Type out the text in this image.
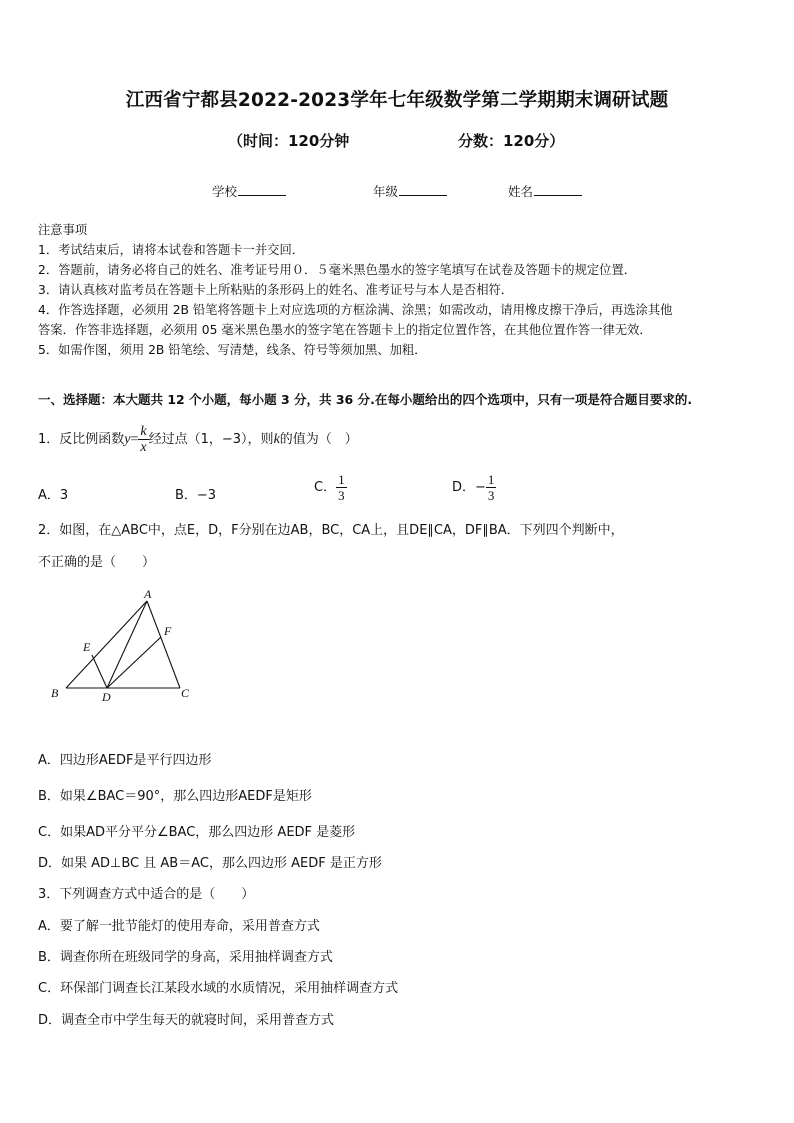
江西省宁都县2022-2023学年七年级数学第二学期期末调研试题
（时间：120分钟	分数：120分）
学校	年级	姓名
注意事项
1．考试结束后，请将本试卷和答题卡一并交回．
2．答题前，请务必将自己的姓名、准考证号用０．５毫米黑色墨水的签字笔填写在试卷及答题卡的规定位置．
3．请认真核对监考员在答题卡上所粘贴的条形码上的姓名、准考证号与本人是否相符．
4．作答选择题，必须用 2B 铅笔将答题卡上对应选项的方框涂满、涂黑；如需改动，请用橡皮擦干净后，再选涂其他
答案．作答非选择题，必须用 05 毫米黑色墨水的签字笔在答题卡上的指定位置作答，在其他位置作答一律无效．
5．如需作图，须用 2B 铅笔绘、写清楚，线条、符号等须加黑、加粗．
一、选择题：本大题共 12 个小题，每小题 3 分，共 36 分.在每小题给出的四个选项中，只有一项是符合题目要求的.
1．反比例函数$y= \frac{k}{x}$ 经过点（1，−3），则k的值为（　）
A．3	B．−3
C． $\frac{1}{3}$	D．− $\frac{1}{3}$
2．如图，在△ABC中，点E，D，F分别在边AB，BC，CA上，且DE∥CA，DF∥BA．下列四个判断中，
不正确的是（　　）
A
B	C
D
E
F
A．四边形AEDF是平行四边形
B．如果∠BAC＝90°，那么四边形AEDF是矩形
C．如果AD平分平分∠BAC，那么四边形 AEDF 是菱形
D．如果 AD⊥BC 且 AB＝AC，那么四边形 AEDF 是正方形
3．下列调查方式中适合的是（　　）
A．要了解一批节能灯的使用寿命，采用普查方式
B．调查你所在班级同学的身高，采用抽样调查方式
C．环保部门调查长江某段水域的水质情况，采用抽样调查方式
D．调查全市中学生每天的就寝时间，采用普查方式
